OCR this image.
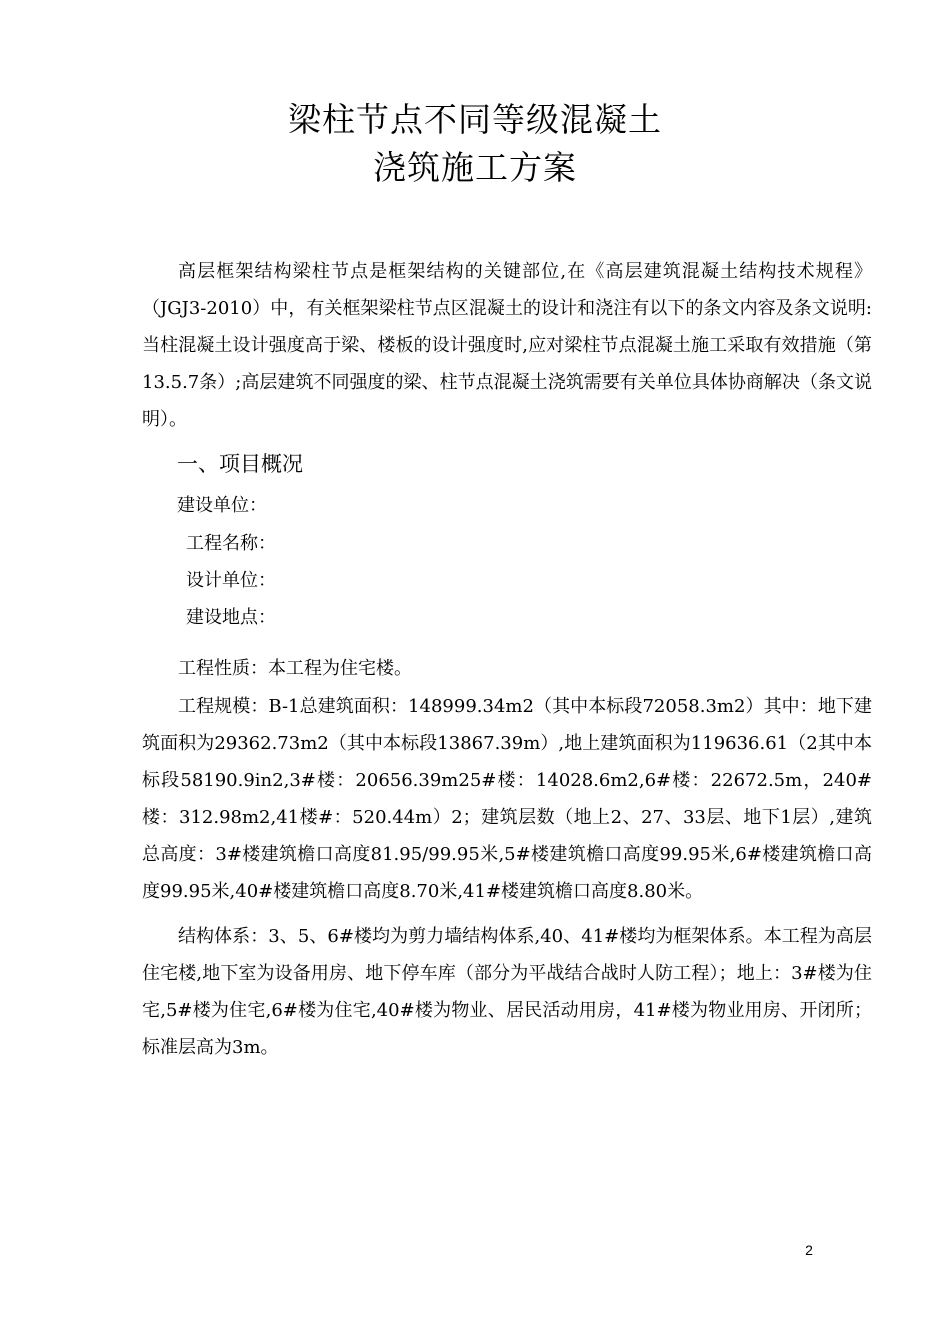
梁柱节点不同等级混凝土
浇筑施工方案

高层框架结构梁柱节点是框架结构的关键部位,在《高层建筑混凝土结构技术规程》（JGJ3-2010）中，有关框架梁柱节点区混凝土的设计和浇注有以下的条文内容及条文说明:当柱混凝土设计强度高于梁、楼板的设计强度时,应对梁柱节点混凝土施工采取有效措施（第13.5.7条）;高层建筑不同强度的梁、柱节点混凝土浇筑需要有关单位具体协商解决（条文说明）。

一、项目概况

建设单位：

工程名称：

设计单位：

建设地点：

工程性质：本工程为住宅楼。

工程规模：B-1总建筑面积：148999.34m2（其中本标段72058.3m2）其中：地下建筑面积为29362.73m2（其中本标段13867.39m）,地上建筑面积为119636.61（2其中本标段58190.9in2,3#楼：20656.39m25#楼：14028.6m2,6#楼：22672.5m，240#楼：312.98m2,41楼#：520.44m）2；建筑层数（地上2、27、33层、地下1层）,建筑总高度：3#楼建筑檐口高度81.95/99.95米,5#楼建筑檐口高度99.95米,6#楼建筑檐口高度99.95米,40#楼建筑檐口高度8.70米,41#楼建筑檐口高度8.80米。

结构体系：3、5、6#楼均为剪力墙结构体系,40、41#楼均为框架体系。本工程为高层住宅楼,地下室为设备用房、地下停车库（部分为平战结合战时人防工程）；地上：3#楼为住宅,5#楼为住宅,6#楼为住宅,40#楼为物业、居民活动用房，41#楼为物业用房、开闭所；标准层高为3m。

2
